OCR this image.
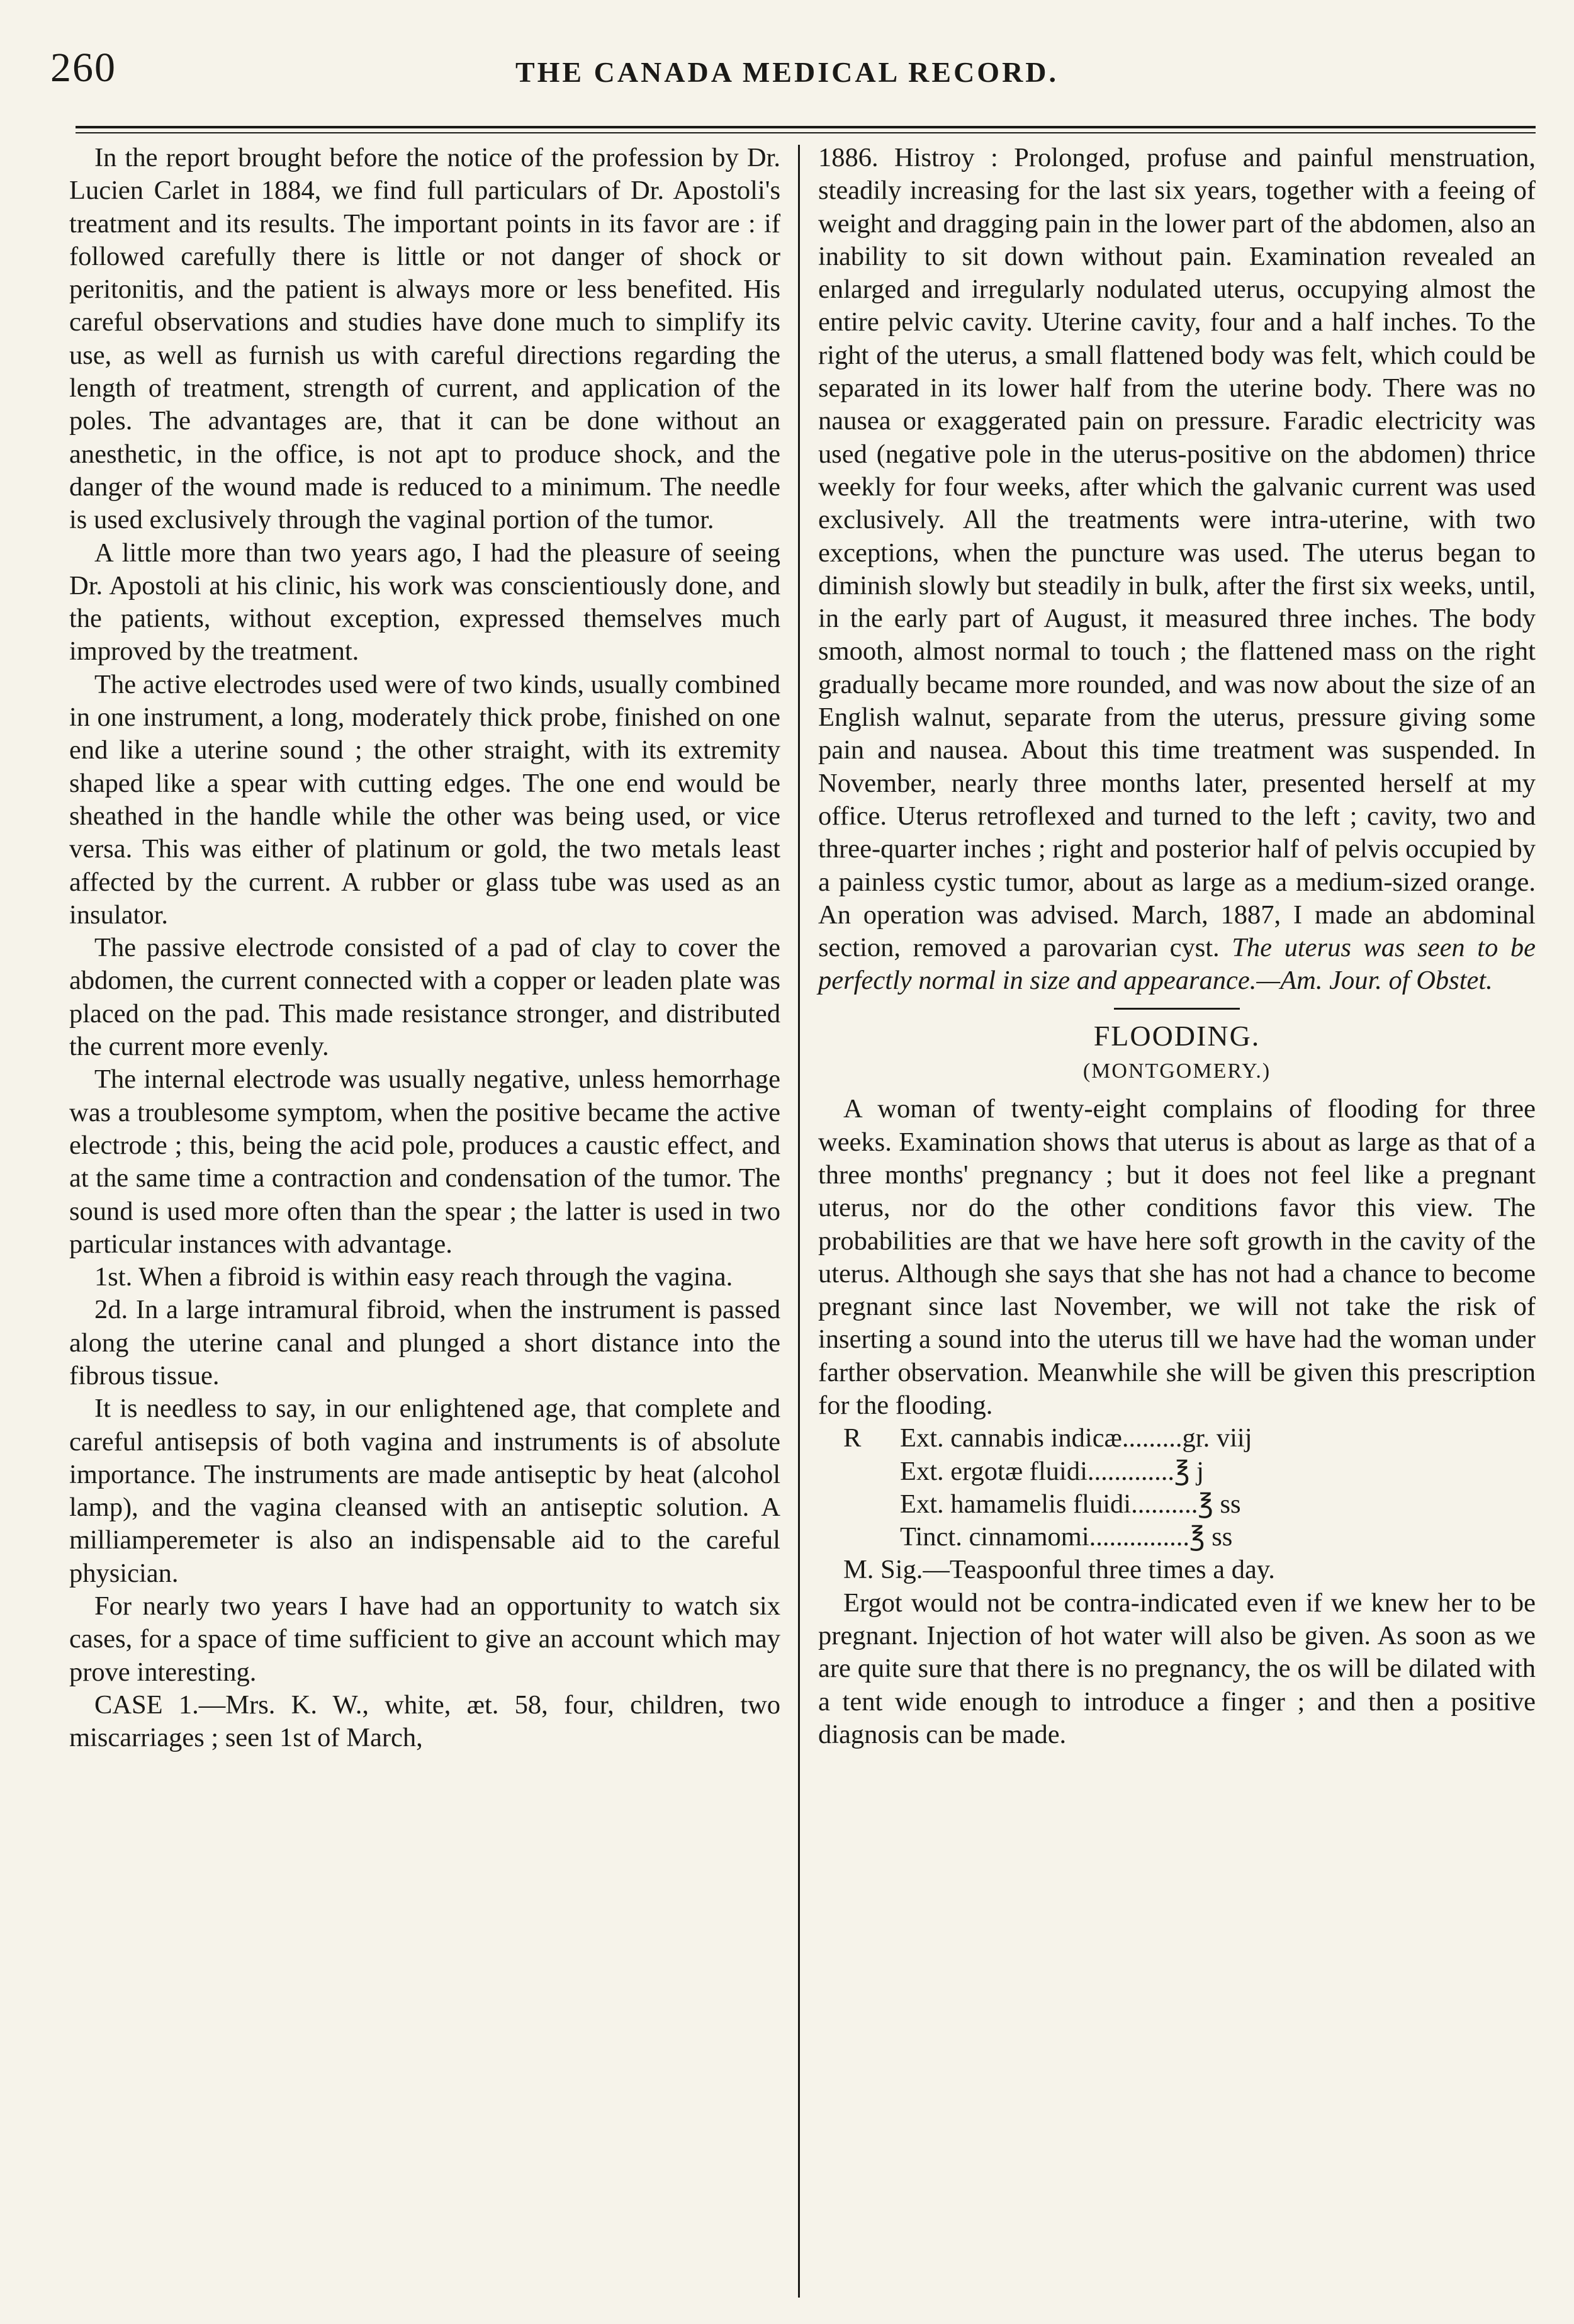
260	THE CANADA MEDICAL RECORD.

In the report brought before the notice of the profession by Dr. Lucien Carlet in 1884, we find full particulars of Dr. Apostoli's treatment and its results. The important points in its favor are : if followed carefully there is little or not danger of shock or peritonitis, and the patient is always more or less benefited. His careful observations and studies have done much to simplify its use, as well as furnish us with careful directions regarding the length of treatment, strength of current, and application of the poles. The advantages are, that it can be done without an anesthetic, in the office, is not apt to produce shock, and the danger of the wound made is reduced to a minimum. The needle is used exclusively through the vaginal portion of the tumor.

A little more than two years ago, I had the pleasure of seeing Dr. Apostoli at his clinic, his work was conscientiously done, and the patients, without exception, expressed themselves much improved by the treatment.

The active electrodes used were of two kinds, usually combined in one instrument, a long, moderately thick probe, finished on one end like a uterine sound ; the other straight, with its extremity shaped like a spear with cutting edges. The one end would be sheathed in the handle while the other was being used, or vice versa. This was either of platinum or gold, the two metals least affected by the current. A rubber or glass tube was used as an insulator.

The passive electrode consisted of a pad of clay to cover the abdomen, the current connected with a copper or leaden plate was placed on the pad. This made resistance stronger, and distributed the current more evenly.

The internal electrode was usually negative, unless hemorrhage was a troublesome symptom, when the positive became the active electrode ; this, being the acid pole, produces a caustic effect, and at the same time a contraction and condensation of the tumor. The sound is used more often than the spear ; the latter is used in two particular instances with advantage.

1st. When a fibroid is within easy reach through the vagina.

2d. In a large intramural fibroid, when the instrument is passed along the uterine canal and plunged a short distance into the fibrous tissue.

It is needless to say, in our enlightened age, that complete and careful antisepsis of both vagina and instruments is of absolute importance. The instruments are made antiseptic by heat (alcohol lamp), and the vagina cleansed with an antiseptic solution. A milliamperemeter is also an indispensable aid to the careful physician.

For nearly two years I have had an opportunity to watch six cases, for a space of time sufficient to give an account which may prove interesting.

CASE 1.—Mrs. K. W., white, æt. 58, four, children, two miscarriages ; seen 1st of March,

1886. Histroy : Prolonged, profuse and painful menstruation, steadily increasing for the last six years, together with a feeing of weight and dragging pain in the lower part of the abdomen, also an inability to sit down without pain. Examination revealed an enlarged and irregularly nodulated uterus, occupying almost the entire pelvic cavity. Uterine cavity, four and a half inches. To the right of the uterus, a small flattened body was felt, which could be separated in its lower half from the uterine body. There was no nausea or exaggerated pain on pressure. Faradic electricity was used (negative pole in the uterus-positive on the abdomen) thrice weekly for four weeks, after which the galvanic current was used exclusively. All the treatments were intra-uterine, with two exceptions, when the puncture was used. The uterus began to diminish slowly but steadily in bulk, after the first six weeks, until, in the early part of August, it measured three inches. The body smooth, almost normal to touch ; the flattened mass on the right gradually became more rounded, and was now about the size of an English walnut, separate from the uterus, pressure giving some pain and nausea. About this time treatment was suspended. In November, nearly three months later, presented herself at my office. Uterus retroflexed and turned to the left ; cavity, two and three-quarter inches ; right and posterior half of pelvis occupied by a painless cystic tumor, about as large as a medium-sized orange. An operation was advised. March, 1887, I made an abdominal section, removed a parovarian cyst. The uterus was seen to be perfectly normal in size and appearance.—Am. Jour. of Obstet.

FLOODING.
(MONTGOMERY.)

A woman of twenty-eight complains of flooding for three weeks. Examination shows that uterus is about as large as that of a three months' pregnancy ; but it does not feel like a pregnant uterus, nor do the other conditions favor this view. The probabilities are that we have here soft growth in the cavity of the uterus. Although she says that she has not had a chance to become pregnant since last November, we will not take the risk of inserting a sound into the uterus till we have had the woman under farther observation. Meanwhile she will be given this prescription for the flooding.

R	Ext. cannabis indicæ.........gr. viij
Ext. ergotæ fluidi.............℥ j
Ext. hamamelis fluidi..........℥ ss
Tinct. cinnamomi...............℥ ss

M. Sig.—Teaspoonful three times a day.

Ergot would not be contra-indicated even if we knew her to be pregnant. Injection of hot water will also be given. As soon as we are quite sure that there is no pregnancy, the os will be dilated with a tent wide enough to introduce a finger ; and then a positive diagnosis can be made.
